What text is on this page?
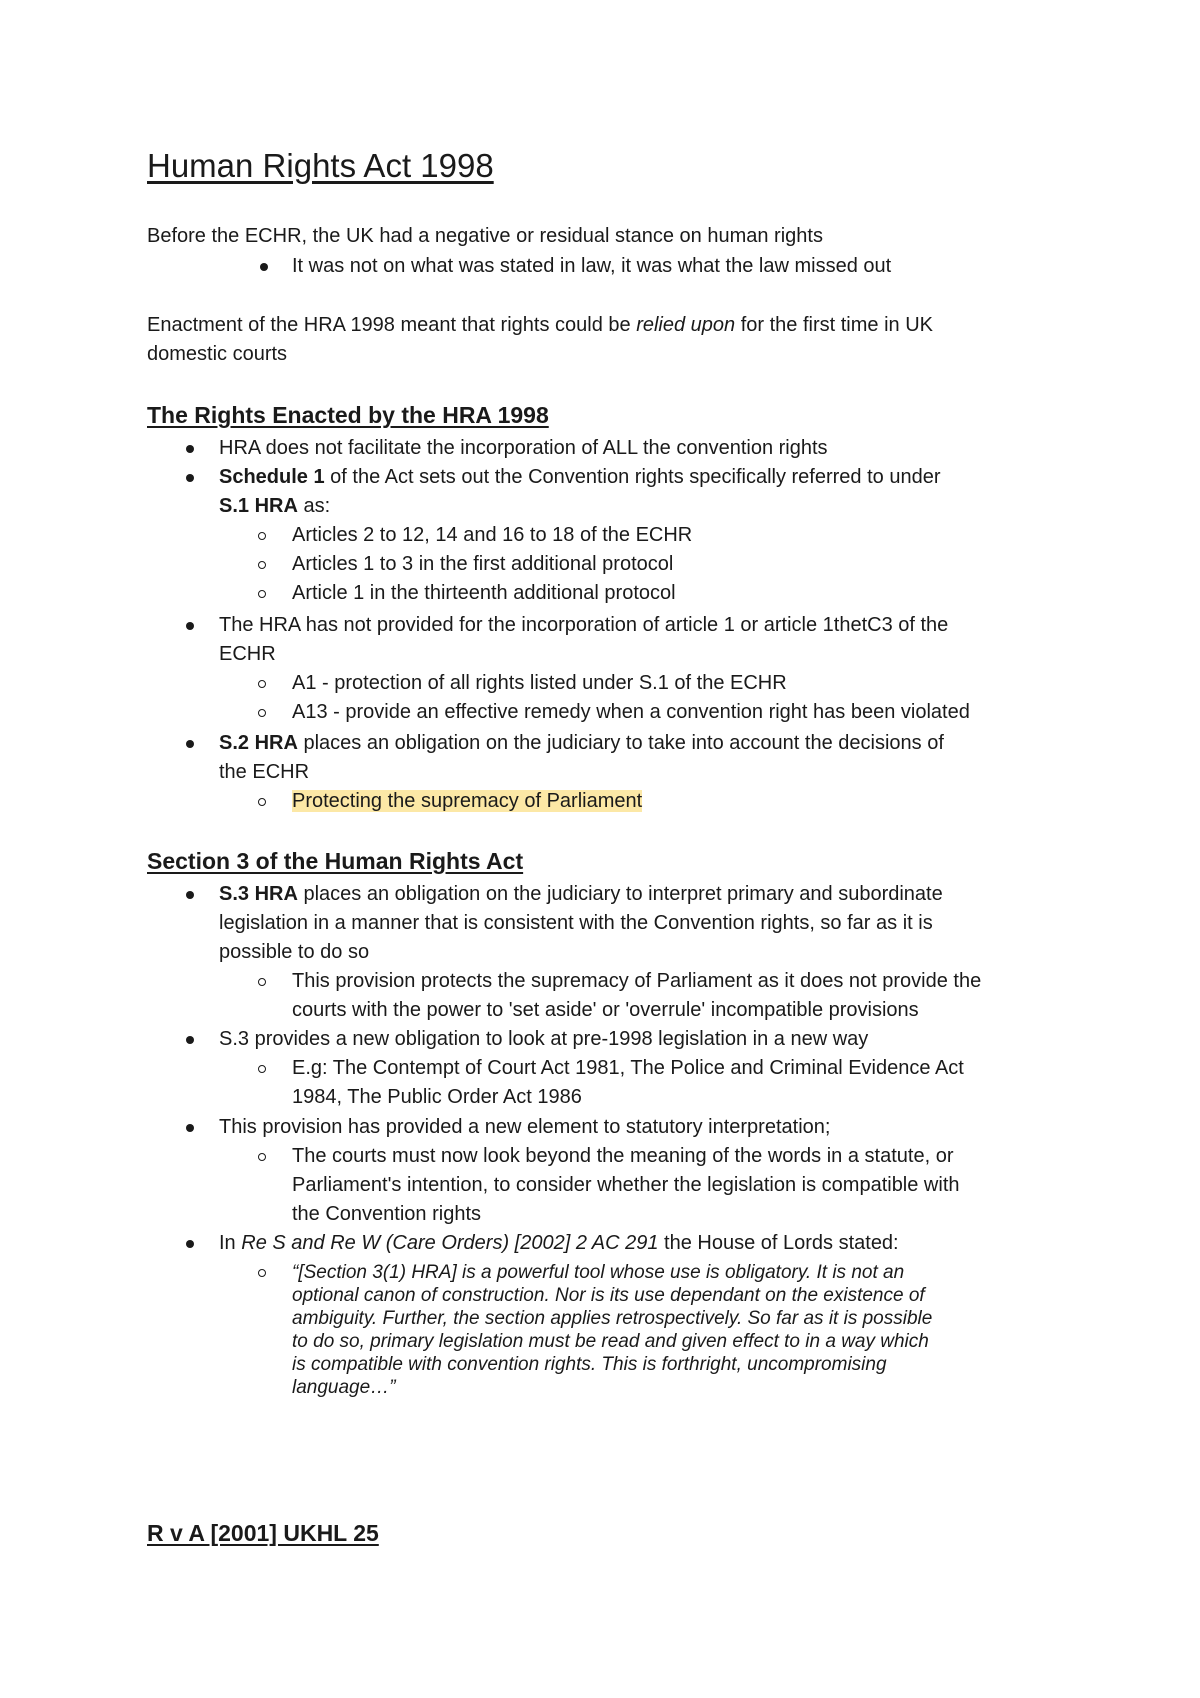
Human Rights Act 1998
Before the ECHR, the UK had a negative or residual stance on human rights
It was not on what was stated in law, it was what the law missed out
Enactment of the HRA 1998 meant that rights could be relied upon for the first time in UK
domestic courts
The Rights Enacted by the HRA 1998
HRA does not facilitate the incorporation of ALL the convention rights
Schedule 1 of the Act sets out the Convention rights specifically referred to under
S.1 HRA as:
Articles 2 to 12, 14 and 16 to 18 of the ECHR
Articles 1 to 3 in the first additional protocol
Article 1 in the thirteenth additional protocol
The HRA has not provided for the incorporation of article 1 or article 1thetC3 of the
ECHR
A1 - protection of all rights listed under S.1 of the ECHR
A13 - provide an effective remedy when a convention right has been violated
S.2 HRA places an obligation on the judiciary to take into account the decisions of
the ECHR
Protecting the supremacy of Parliament
Section 3 of the Human Rights Act
S.3 HRA places an obligation on the judiciary to interpret primary and subordinate
legislation in a manner that is consistent with the Convention rights, so far as it is
possible to do so
This provision protects the supremacy of Parliament as it does not provide the
courts with the power to 'set aside' or 'overrule' incompatible provisions
S.3 provides a new obligation to look at pre-1998 legislation in a new way
E.g: The Contempt of Court Act 1981, The Police and Criminal Evidence Act
1984, The Public Order Act 1986
This provision has provided a new element to statutory interpretation;
The courts must now look beyond the meaning of the words in a statute, or
Parliament's intention, to consider whether the legislation is compatible with
the Convention rights
In Re S and Re W (Care Orders) [2002] 2 AC 291 the House of Lords stated:
“[Section 3(1) HRA] is a powerful tool whose use is obligatory. It is not an
optional canon of construction. Nor is its use dependant on the existence of
ambiguity. Further, the section applies retrospectively. So far as it is possible
to do so, primary legislation must be read and given effect to in a way which
is compatible with convention rights. This is forthright, uncompromising
language…”
R v A [2001] UKHL 25
